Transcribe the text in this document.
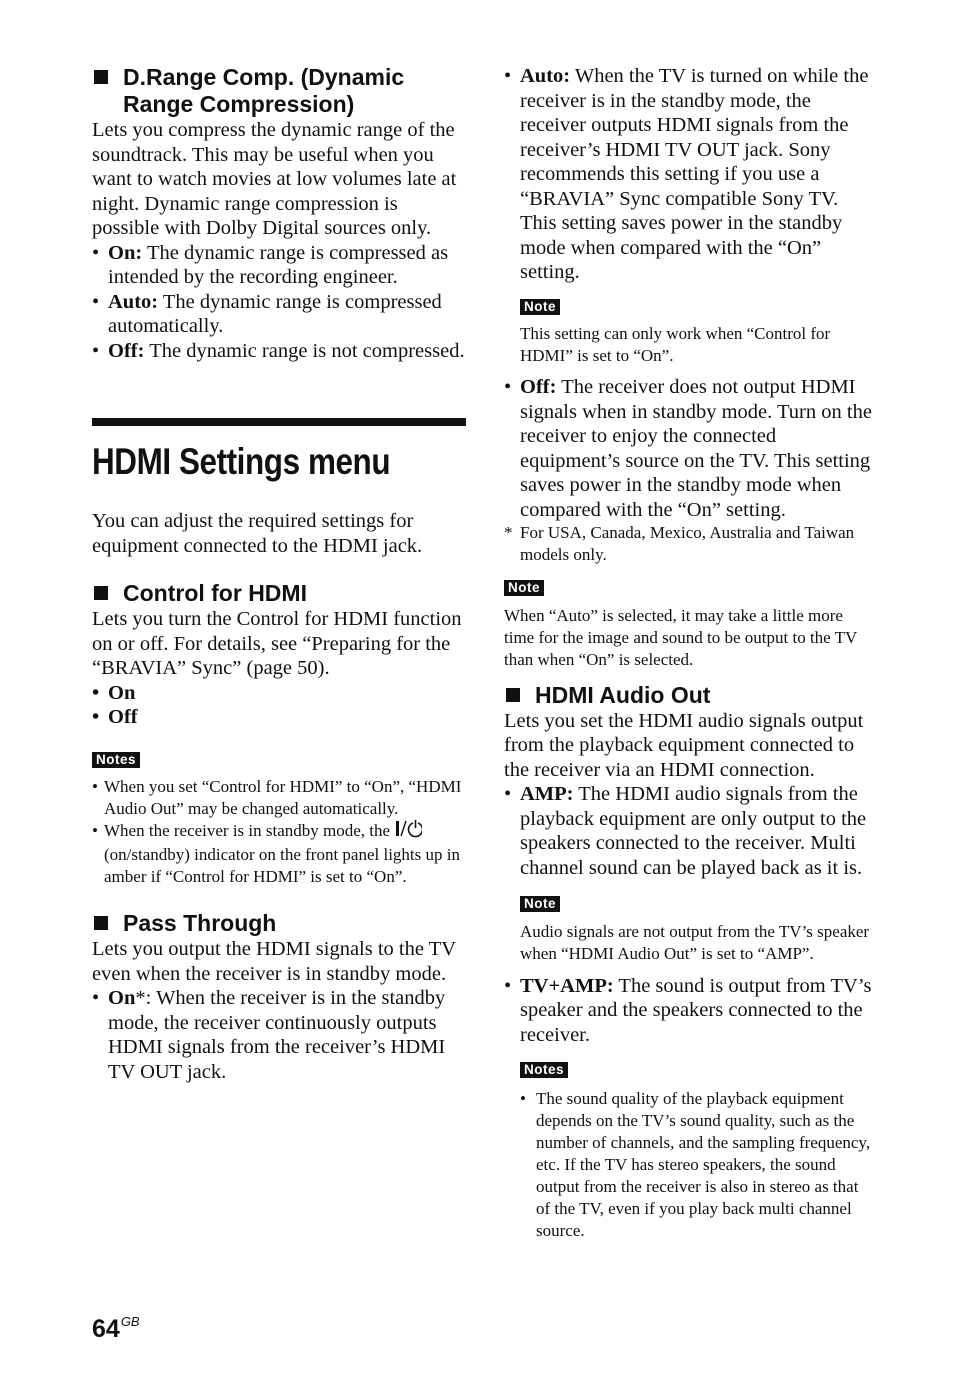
D.Range Comp. (Dynamic Range Compression)

Lets you compress the dynamic range of the soundtrack. This may be useful when you want to watch movies at low volumes late at night. Dynamic range compression is possible with Dolby Digital sources only.

• On: The dynamic range is compressed as intended by the recording engineer.
• Auto: The dynamic range is compressed automatically.
• Off: The dynamic range is not compressed.
HDMI Settings menu

You can adjust the required settings for equipment connected to the HDMI jack.

Control for HDMI

Lets you turn the Control for HDMI function on or off. For details, see “Preparing for the “BRAVIA” Sync” (page 50).

• On
• Off
Notes
• When you set “Control for HDMI” to “On”, “HDMI Audio Out” may be changed automatically.
• When the receiver is in standby mode, the  (on/standby) indicator on the front panel lights up in amber if “Control for HDMI” is set to “On”.
Pass Through

Lets you output the HDMI signals to the TV even when the receiver is in standby mode.

• On*: When the receiver is in the standby mode, the receiver continuously outputs HDMI signals from the receiver’s HDMI TV OUT jack.
• Auto: When the TV is turned on while the receiver is in the standby mode, the receiver outputs HDMI signals from the receiver’s HDMI TV OUT jack. Sony recommends this setting if you use a “BRAVIA” Sync compatible Sony TV. This setting saves power in the standby mode when compared with the “On” setting.
Note
This setting can only work when “Control for HDMI” is set to “On”.
• Off: The receiver does not output HDMI signals when in standby mode. Turn on the receiver to enjoy the connected equipment’s source on the TV. This setting saves power in the standby mode when compared with the “On” setting.
* For USA, Canada, Mexico, Australia and Taiwan models only.
Note
When “Auto” is selected, it may take a little more time for the image and sound to be output to the TV than when “On” is selected.
HDMI Audio Out

Lets you set the HDMI audio signals output from the playback equipment connected to the receiver via an HDMI connection.

• AMP: The HDMI audio signals from the playback equipment are only output to the speakers connected to the receiver. Multi channel sound can be played back as it is.
Note
Audio signals are not output from the TV’s speaker when “HDMI Audio Out” is set to “AMP”.
• TV+AMP: The sound is output from TV’s speaker and the speakers connected to the receiver.
Notes
• The sound quality of the playback equipment depends on the TV’s sound quality, such as the number of channels, and the sampling frequency, etc. If the TV has stereo speakers, the sound output from the receiver is also in stereo as that of the TV, even if you play back multi channel source.
$64^{GB}$
